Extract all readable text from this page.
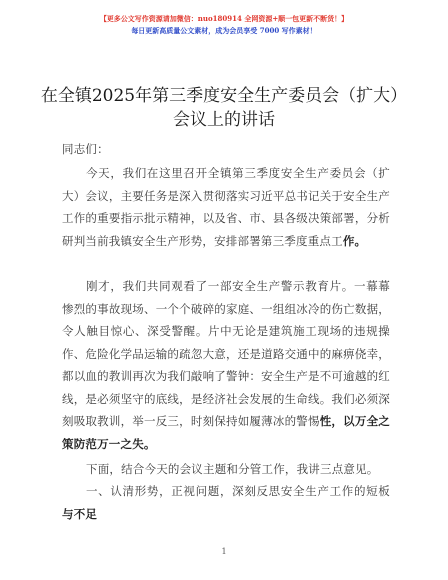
【更多公文写作资源请加微信：nuo180914 全网资源+顺一包更新不断货！】
每日更新高质量公文素材，成为会员享受 7000 写作素材！
在全镇2025年第三季度安全生产委员会（扩大）会议上的讲话
同志们：
今天，我们在这里召开全镇第三季度安全生产委员会（扩大）会议，主要任务是深入贯彻落实习近平总书记关于安全生产工作的重要指示批示精神，以及省、市、县各级决策部署，分析研判当前我镇安全生产形势，安排部署第三季度重点工作。
刚才，我们共同观看了一部安全生产警示教育片。一幕幕惨烈的事故现场、一个个破碎的家庭、一组组冰冷的伤亡数据，令人触目惊心、深受警醒。片中无论是建筑施工现场的违规操作、危险化学品运输的疏忽大意，还是道路交通中的麻痹侥幸，都以血的教训再次为我们敲响了警钟：安全生产是不可逾越的红线，是必须坚守的底线，是经济社会发展的生命线。我们必须深刻吸取教训，举一反三，时刻保持如履薄冰的警惕性，以万全之策防范万一之失。
下面，结合今天的会议主题和分管工作，我讲三点意见。
一、认清形势，正视问题，深刻反思安全生产工作的短板与不足
1
